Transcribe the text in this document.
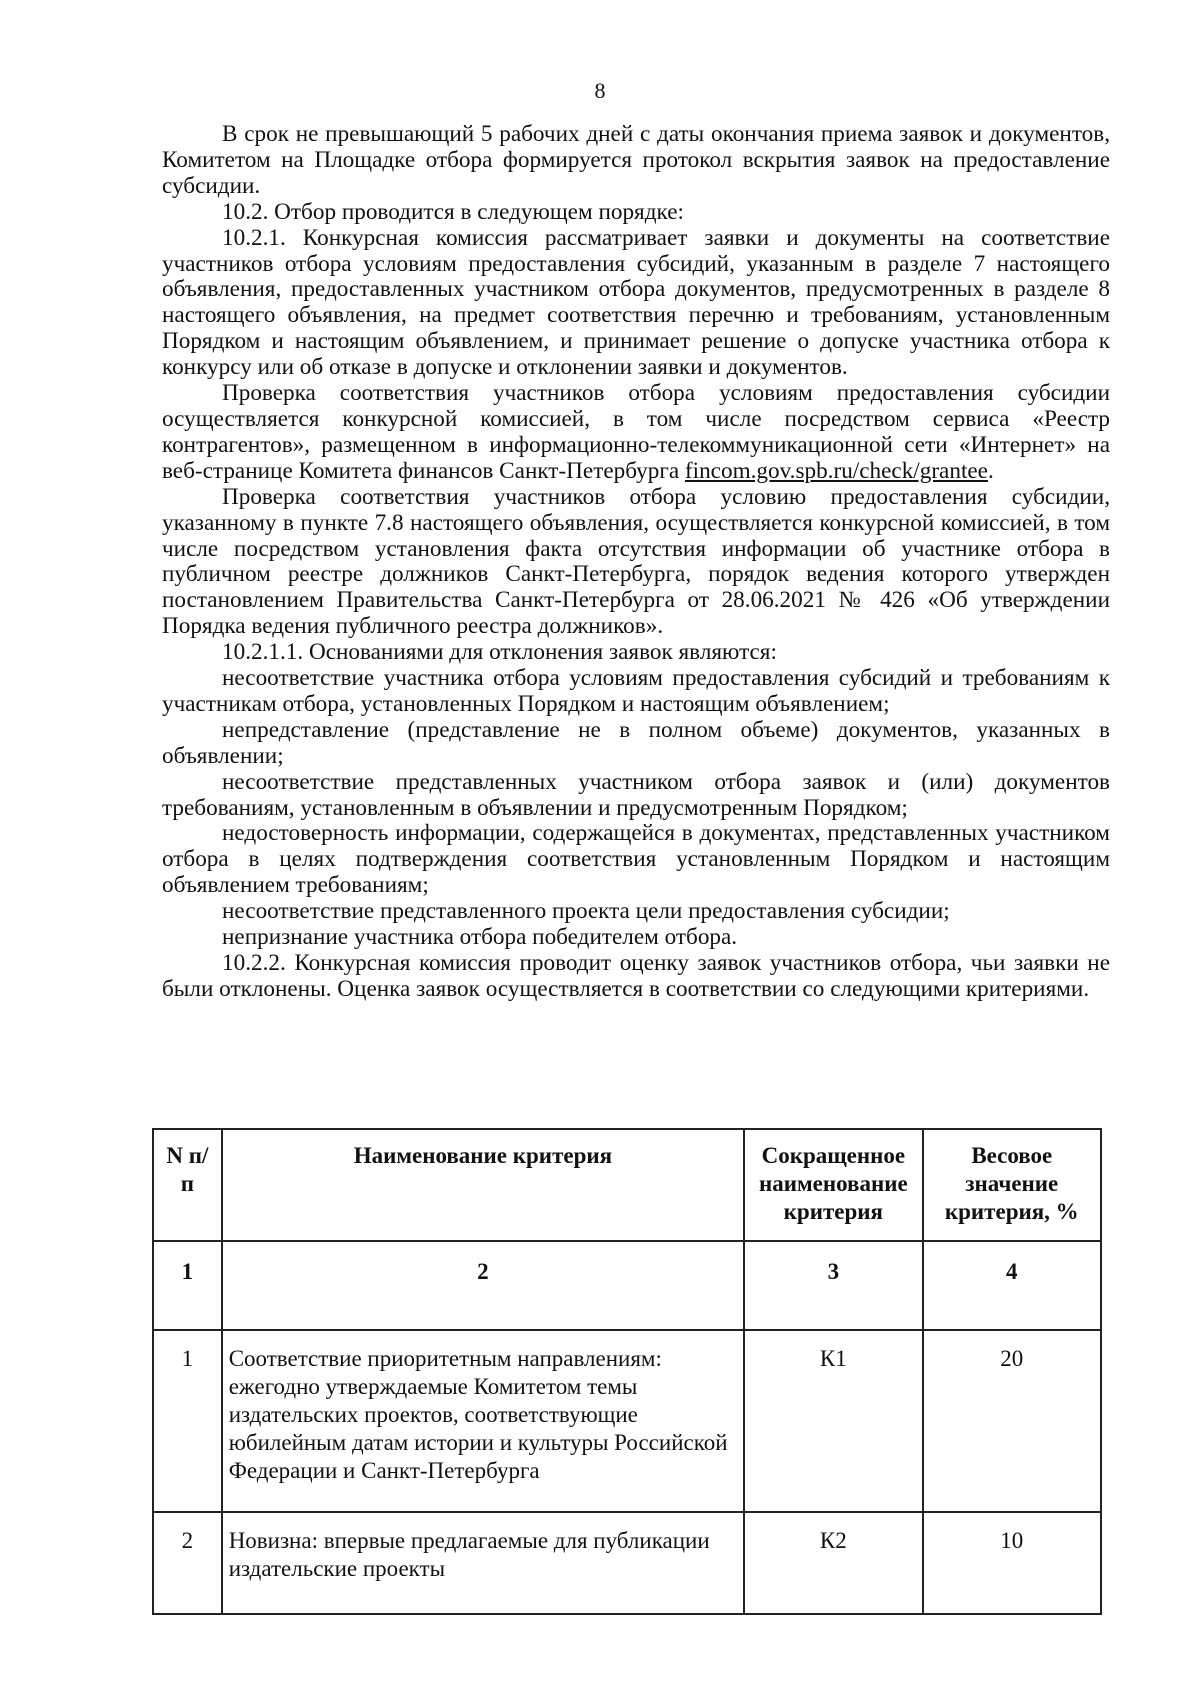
8

В срок не превышающий 5 рабочих дней с даты окончания приема заявок и документов, Комитетом на Площадке отбора формируется протокол вскрытия заявок на предоставление субсидии.

10.2. Отбор проводится в следующем порядке:

10.2.1. Конкурсная комиссия рассматривает заявки и документы на соответствие участников отбора условиям предоставления субсидий, указанным в разделе 7 настоящего объявления, предоставленных участником отбора документов, предусмотренных в разделе 8 настоящего объявления, на предмет соответствия перечню и требованиям, установленным Порядком и настоящим объявлением, и принимает решение о допуске участника отбора к конкурсу или об отказе в допуске и отклонении заявки и документов.

Проверка соответствия участников отбора условиям предоставления субсидии осуществляется конкурсной комиссией, в том числе посредством сервиса «Реестр контрагентов», размещенном в информационно-телекоммуникационной сети «Интернет» на веб-странице Комитета финансов Санкт-Петербурга fincom.gov.spb.ru/check/grantee.

Проверка соответствия участников отбора условию предоставления субсидии, указанному в пункте 7.8 настоящего объявления, осуществляется конкурсной комиссией, в том числе посредством установления факта отсутствия информации об участнике отбора в публичном реестре должников Санкт-Петербурга, порядок ведения которого утвержден постановлением Правительства Санкт-Петербурга от 28.06.2021 № 426 «Об утверждении Порядка ведения публичного реестра должников».

10.2.1.1. Основаниями для отклонения заявок являются:

несоответствие участника отбора условиям предоставления субсидий и требованиям к участникам отбора, установленных Порядком и настоящим объявлением;

непредставление (представление не в полном объеме) документов, указанных в объявлении;

несоответствие представленных участником отбора заявок и (или) документов требованиям, установленным в объявлении и предусмотренным Порядком;

недостоверность информации, содержащейся в документах, представленных участником отбора в целях подтверждения соответствия установленным Порядком и настоящим объявлением требованиям;

несоответствие представленного проекта цели предоставления субсидии;

непризнание участника отбора победителем отбора.

10.2.2. Конкурсная комиссия проводит оценку заявок участников отбора, чьи заявки не были отклонены. Оценка заявок осуществляется в соответствии со следующими критериями.

N п/п	Наименование критерия	Сокращенное наименование критерия	Весовое значение критерия, %
1	2	3	4
1	Соответствие приоритетным направлениям: ежегодно утверждаемые Комитетом темы издательских проектов, соответствующие юбилейным датам истории и культуры Российской Федерации и Санкт-Петербурга	К1	20
2	Новизна: впервые предлагаемые для публикации издательские проекты	К2	10
